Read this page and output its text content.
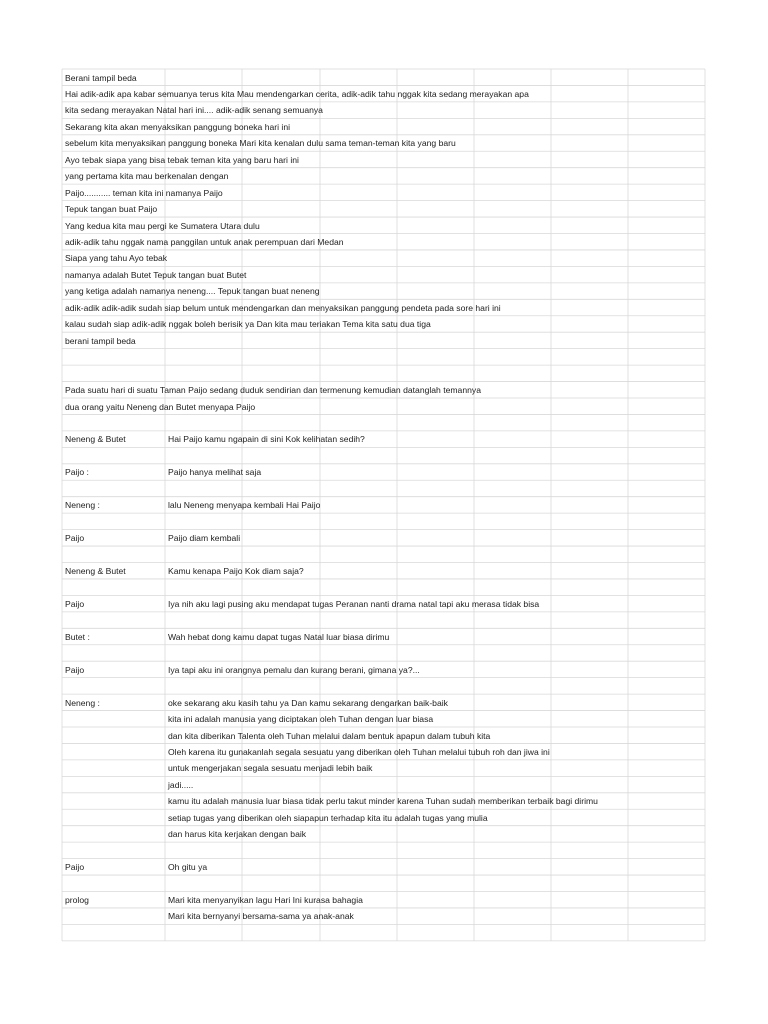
Berani tampil beda
Hai adik-adik apa kabar semuanya terus kita Mau mendengarkan cerita, adik-adik tahu nggak kita sedang merayakan apa
kita sedang merayakan Natal hari ini.... adik-adik senang semuanya
Sekarang kita akan menyaksikan panggung boneka hari ini
sebelum kita menyaksikan panggung boneka Mari kita kenalan dulu sama teman-teman kita yang baru
Ayo tebak siapa yang bisa tebak teman kita yang baru hari ini
yang pertama kita mau berkenalan dengan
Paijo........... teman kita ini namanya Paijo
Tepuk tangan buat Paijo
Yang kedua kita mau pergi ke Sumatera Utara dulu
adik-adik tahu nggak nama panggilan untuk anak perempuan dari Medan
Siapa yang tahu Ayo tebak
namanya adalah Butet Tepuk tangan buat Butet
yang ketiga adalah namanya neneng.... Tepuk tangan buat neneng
adik-adik adik-adik sudah siap belum untuk mendengarkan dan menyaksikan panggung pendeta pada sore hari ini
kalau sudah siap adik-adik nggak boleh berisik ya Dan kita mau teriakan Tema kita satu dua tiga
berani tampil beda
Pada suatu hari di suatu Taman Paijo sedang duduk sendirian dan termenung kemudian datanglah temannya
dua orang yaitu Neneng dan Butet menyapa Paijo
Neneng & Butet	Hai Paijo kamu ngapain di sini Kok kelihatan sedih?
Paijo :	Paijo hanya melihat saja
Neneng :	lalu Neneng menyapa kembali Hai Paijo
Paijo	Paijo diam kembali
Neneng & Butet	Kamu kenapa Paijo Kok diam saja?
Paijo	Iya nih aku lagi pusing aku mendapat tugas Peranan nanti drama natal tapi aku merasa tidak bisa
Butet :	Wah hebat dong kamu dapat tugas Natal luar biasa dirimu
Paijo	Iya tapi aku ini orangnya pemalu dan kurang berani, gimana ya?...
Neneng :	oke sekarang aku kasih tahu ya Dan kamu sekarang dengarkan baik-baik
kita ini adalah manusia yang diciptakan oleh Tuhan dengan luar biasa
dan kita diberikan Talenta oleh Tuhan melalui dalam bentuk apapun dalam tubuh kita
Oleh karena itu gunakanlah segala sesuatu yang diberikan oleh Tuhan melalui tubuh roh dan jiwa ini
untuk mengerjakan segala sesuatu menjadi lebih baik
jadi.....
kamu itu adalah manusia luar biasa tidak perlu takut minder karena Tuhan sudah memberikan terbaik bagi dirimu
setiap tugas yang diberikan oleh siapapun terhadap kita itu adalah tugas yang mulia
dan harus kita kerjakan dengan baik
Paijo	Oh gitu ya
prolog	Mari kita menyanyikan lagu Hari Ini kurasa bahagia
Mari kita bernyanyi bersama-sama ya anak-anak
